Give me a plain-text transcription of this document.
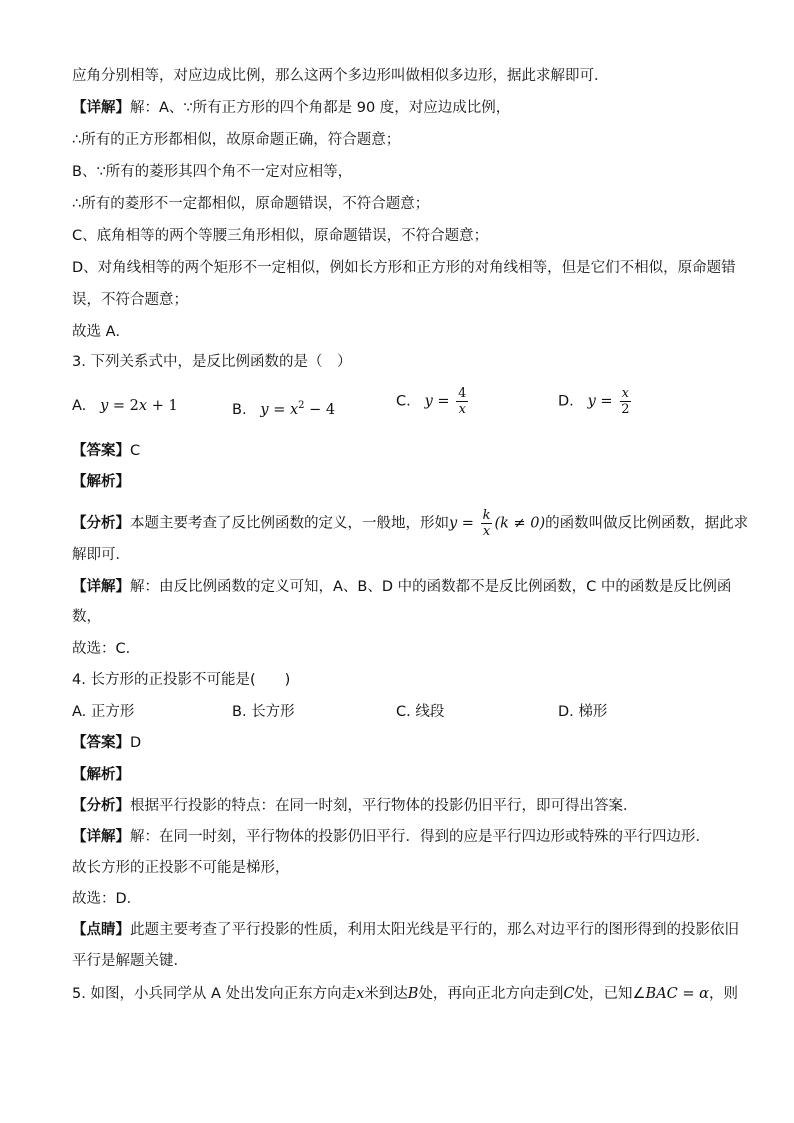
应角分别相等，对应边成比例，那么这两个多边形叫做相似多边形，据此求解即可．
【详解】解：A、∵所有正方形的四个角都是 90 度，对应边成比例，
∴所有的正方形都相似，故原命题正确，符合题意；
B、∵所有的菱形其四个角不一定对应相等，
∴所有的菱形不一定都相似，原命题错误，不符合题意；
C、底角相等的两个等腰三角形相似，原命题错误，不符合题意；
D、对角线相等的两个矩形不一定相似，例如长方形和正方形的对角线相等，但是它们不相似，原命题错
误，不符合题意；
故选 A．
3. 下列关系式中，是反比例函数的是（　）
A. y = 2x + 1	B. $y = x^2 - 4$
C. $y = \frac{4}{x}$	D. $y = \frac{x}{2}$
【答案】C
【解析】
【分析】本题主要考查了反比例函数的定义，一般地，形如$y = \frac{k}{x} (k \ne 0)$的函数叫做反比例函数，据此求
解即可．
【详解】解：由反比例函数的定义可知，A、B、D 中的函数都不是反比例函数，C 中的函数是反比例函
数，
故选：C．
4. 长方形的正投影不可能是(　　)
A. 正方形	B. 长方形	C. 线段	D. 梯形
【答案】D
【解析】
【分析】根据平行投影的特点：在同一时刻，平行物体的投影仍旧平行，即可得出答案．
【详解】解：在同一时刻，平行物体的投影仍旧平行．得到的应是平行四边形或特殊的平行四边形．
故长方形的正投影不可能是梯形，
故选：D．
【点睛】此题主要考查了平行投影的性质，利用太阳光线是平行的，那么对边平行的图形得到的投影依旧
平行是解题关键．
5. 如图，小兵同学从 A 处出发向正东方向走x米到达B处，再向正北方向走到C处，已知∠BAC = α，则
